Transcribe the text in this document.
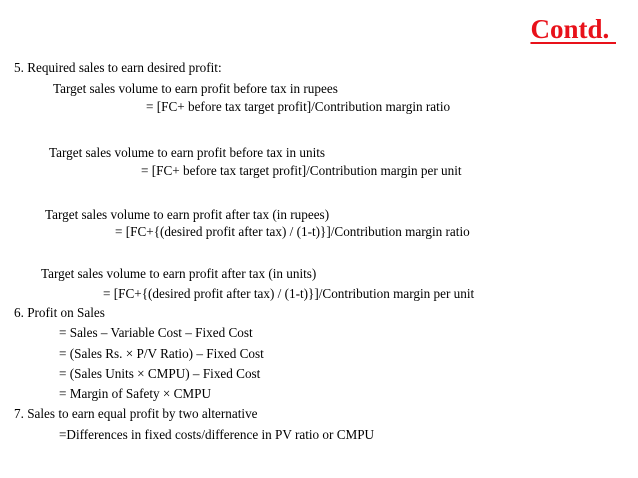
Contd.
5. Required sales to earn desired profit:
Target sales volume to earn profit before tax in rupees
= [FC+ before tax target profit]/Contribution margin ratio
Target sales volume to earn profit before tax in units
= [FC+ before tax target profit]/Contribution margin per unit
Target sales volume to earn profit after tax (in rupees)
= [FC+{(desired profit after tax) / (1-t)}]/Contribution margin ratio
Target sales volume to earn profit after tax (in units)
= [FC+{(desired profit after tax) / (1-t)}]/Contribution margin per unit
6. Profit on Sales
= Sales – Variable Cost – Fixed Cost
= (Sales Rs. × P/V Ratio) – Fixed Cost
= (Sales Units × CMPU) – Fixed Cost
= Margin of Safety × CMPU
7. Sales to earn equal profit by two alternative
=Differences in fixed costs/difference in PV ratio or CMPU
